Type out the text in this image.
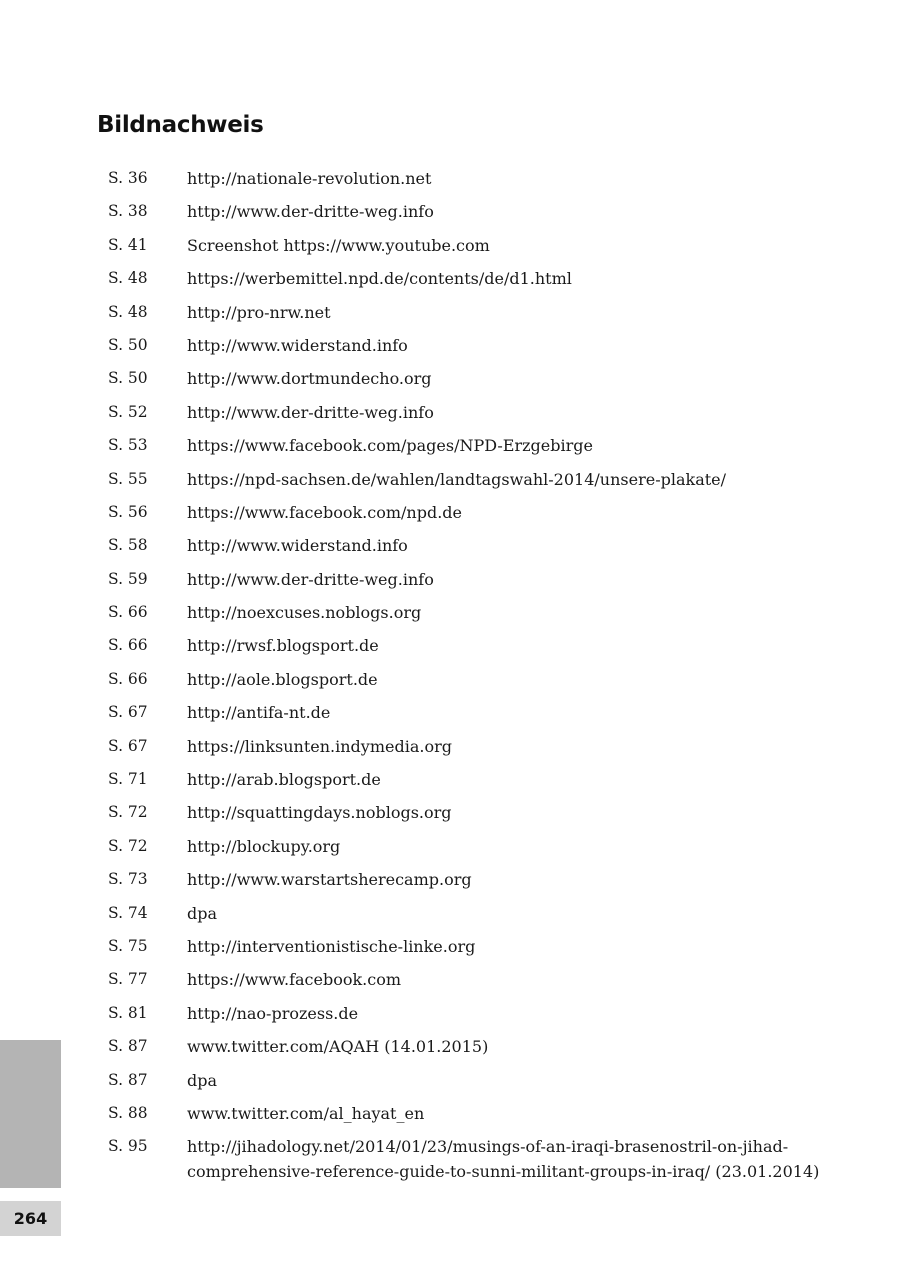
Bildnachweis
S. 36	http://nationale-revolution.net
S. 38	http://www.der-dritte-weg.info
S. 41	Screenshot https://www.youtube.com
S. 48	https://werbemittel.npd.de/contents/de/d1.html
S. 48	http://pro-nrw.net
S. 50	http://www.widerstand.info
S. 50	http://www.dortmundecho.org
S. 52	http://www.der-dritte-weg.info
S. 53	https://www.facebook.com/pages/NPD-Erzgebirge
S. 55	https://npd-sachsen.de/wahlen/landtagswahl-2014/unsere-plakate/
S. 56	https://www.facebook.com/npd.de
S. 58	http://www.widerstand.info
S. 59	http://www.der-dritte-weg.info
S. 66	http://noexcuses.noblogs.org
S. 66	http://rwsf.blogsport.de
S. 66	http://aole.blogsport.de
S. 67	http://antifa-nt.de
S. 67	https://linksunten.indymedia.org
S. 71	http://arab.blogsport.de
S. 72	http://squattingdays.noblogs.org
S. 72	http://blockupy.org
S. 73	http://www.warstartsherecamp.org
S. 74	dpa
S. 75	http://interventionistische-linke.org
S. 77	https://www.facebook.com
S. 81	http://nao-prozess.de
S. 87	www.twitter.com/AQAH (14.01.2015)
S. 87	dpa
S. 88	www.twitter.com/al_hayat_en
S. 95	http://jihadology.net/2014/01/23/musings-of-an-iraqi-brasenostril-on-jihad-comprehensive-reference-guide-to-sunni-militant-groups-in-iraq/ (23.01.2014)
264
